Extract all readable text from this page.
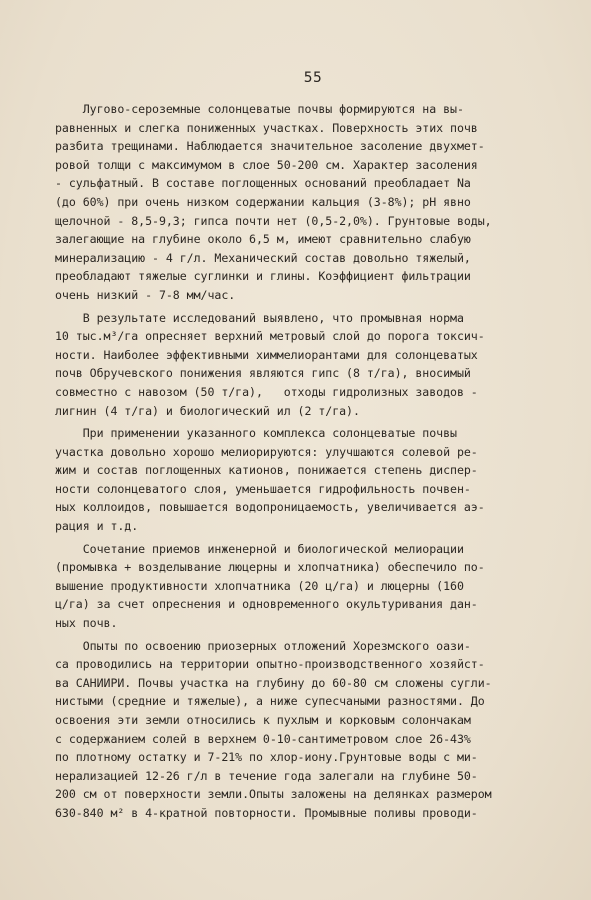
55
Лугово-сероземные солонцеватые почвы формируются на вы-
равненных и слегка пониженных участках. Поверхность этих почв
разбита трещинами. Наблюдается значительное засоление двухмет-
ровой толщи с максимумом в слое 50-200 см. Характер засоления
- сульфатный. В составе поглощенных оснований преобладает Na
(до 60%) при очень низком содержании кальция (3-8%); pH явно
щелочной - 8,5-9,3; гипса почти нет (0,5-2,0%). Грунтовые воды,
залегающие на глубине около 6,5 м, имеют сравнительно слабую
минерализацию - 4 г/л. Механический состав довольно тяжелый,
преобладают тяжелые суглинки и глины. Коэффициент фильтрации
очень низкий - 7-8 мм/час.
В результате исследований выявлено, что промывная норма
10 тыс.м³/га опресняет верхний метровый слой до порога токсич-
ности. Наиболее эффективными химмелиорантами для солонцеватых
почв Обручевского понижения являются гипс (8 т/га), вносимый
совместно с навозом (50 т/га),   отходы гидролизных заводов -
лигнин (4 т/га) и биологический ил (2 т/га).
При применении указанного комплекса солонцеватые почвы
участка довольно хорошо мелиорируются: улучшаются солевой ре-
жим и состав поглощенных катионов, понижается степень диспер-
ности солонцеватого слоя, уменьшается гидрофильность почвен-
ных коллоидов, повышается водопроницаемость, увеличивается аэ-
рация и т.д.
Сочетание приемов инженерной и биологической мелиорации
(промывка + возделывание люцерны и хлопчатника) обеспечило по-
вышение продуктивности хлопчатника (20 ц/га) и люцерны (160
ц/га) за счет опреснения и одновременного окультуривания дан-
ных почв.
Опыты по освоению приозерных отложений Хорезмского оази-
са проводились на территории опытно-производственного хозяйст-
ва САНИИРИ. Почвы участка на глубину до 60-80 см сложены сугли-
нистыми (средние и тяжелые), а ниже супесчаными разностями. До
освоения эти земли относились к пухлым и корковым солончакам
с содержанием солей в верхнем 0-10-сантиметровом слое 26-43%
по плотному остатку и 7-21% по хлор-иону.Грунтовые воды с ми-
нерализацией 12-26 г/л в течение года залегали на глубине 50-
200 см от поверхности земли.Опыты заложены на делянках размером
630-840 м² в 4-кратной повторности. Промывные поливы проводи-
